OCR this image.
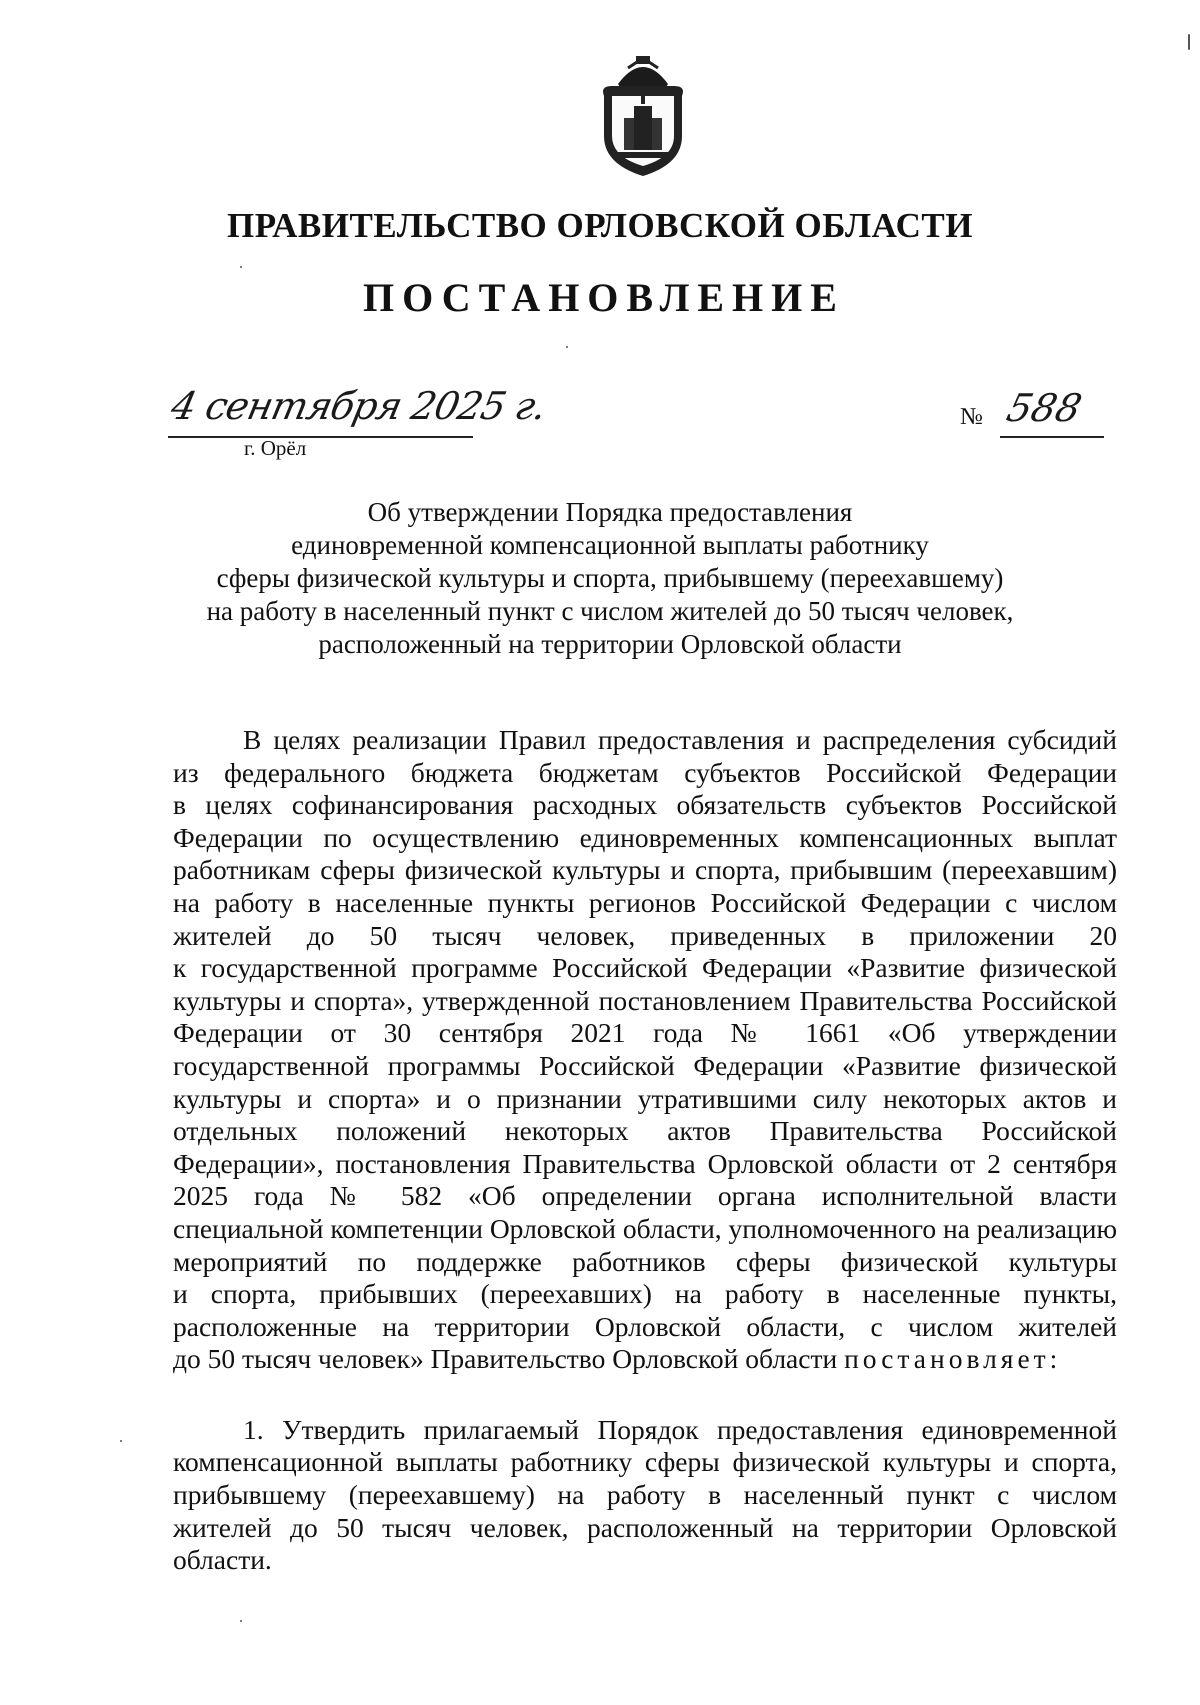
ПРАВИТЕЛЬСТВО ОРЛОВСКОЙ ОБЛАСТИ
ПОСТАНОВЛЕНИЕ
4 сентября 2025 г.
г. Орёл
№ 588
Об утверждении Порядка предоставления
единовременной компенсационной выплаты работнику
сферы физической культуры и спорта, прибывшему (переехавшему)
на работу в населенный пункт с числом жителей до 50 тысяч человек,
расположенный на территории Орловской области
В целях реализации Правил предоставления и распределения субсидий
из федерального бюджета бюджетам субъектов Российской Федерации
в целях софинансирования расходных обязательств субъектов Российской
Федерации по осуществлению единовременных компенсационных выплат
работникам сферы физической культуры и спорта, прибывшим (переехавшим)
на работу в населенные пункты регионов Российской Федерации с числом
жителей до 50 тысяч человек, приведенных в приложении 20
к государственной программе Российской Федерации «Развитие физической
культуры и спорта», утвержденной постановлением Правительства Российской
Федерации от 30 сентября 2021 года № 1661 «Об утверждении
государственной программы Российской Федерации «Развитие физической
культуры и спорта» и о признании утратившими силу некоторых актов и
отдельных положений некоторых актов Правительства Российской
Федерации», постановления Правительства Орловской области от 2 сентября
2025 года № 582 «Об определении органа исполнительной власти
специальной компетенции Орловской области, уполномоченного на реализацию
мероприятий по поддержке работников сферы физической культуры
и спорта, прибывших (переехавших) на работу в населенные пункты,
расположенные на территории Орловской области, с числом жителей
до 50 тысяч человек» Правительство Орловской области постановляет:
1. Утвердить прилагаемый Порядок предоставления единовременной
компенсационной выплаты работнику сферы физической культуры и спорта,
прибывшему (переехавшему) на работу в населенный пункт с числом
жителей до 50 тысяч человек, расположенный на территории Орловской
области.
